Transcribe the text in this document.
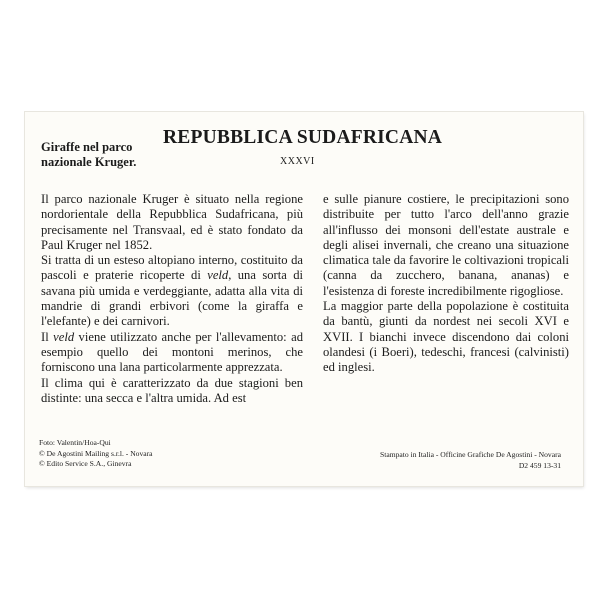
Giraffe nel parco
nazionale Kruger.
REPUBBLICA SUDAFRICANA
XXXVI

Il parco nazionale Kruger è situato nella regione nordorientale della Repubblica Sudafricana, più precisamente nel Transvaal, ed è stato fondato da Paul Kruger nel 1852.

Si tratta di un esteso altopiano interno, costituito da pascoli e praterie ricoperte di veld, una sorta di savana più umida e verdeggiante, adatta alla vita di mandrie di grandi erbivori (come la giraffa e l'elefante) e dei carnivori.

Il veld viene utilizzato anche per l'allevamento: ad esempio quello dei montoni merinos, che forniscono una lana particolarmente apprezzata.

Il clima qui è caratterizzato da due stagioni ben distinte: una secca e l'altra umida. Ad est

e sulle pianure costiere, le precipitazioni sono distribuite per tutto l'arco dell'anno grazie all'influsso dei monsoni dell'estate australe e degli alisei invernali, che creano una situazione climatica tale da favorire le coltivazioni tropicali (canna da zucchero, banana, ananas) e l'esistenza di foreste incredibilmente rigogliose.

La maggior parte della popolazione è costituita da bantù, giunti da nordest nei secoli XVI e XVII. I bianchi invece discendono dai coloni olandesi (i Boeri), tedeschi, francesi (calvinisti) ed inglesi.

Foto: Valentin/Hoa-Qui
© De Agostini Mailing s.r.l. - Novara
© Edito Service S.A., Ginevra
Stampato in Italia - Officine Grafiche De Agostini - Novara
D2 459 13-31
